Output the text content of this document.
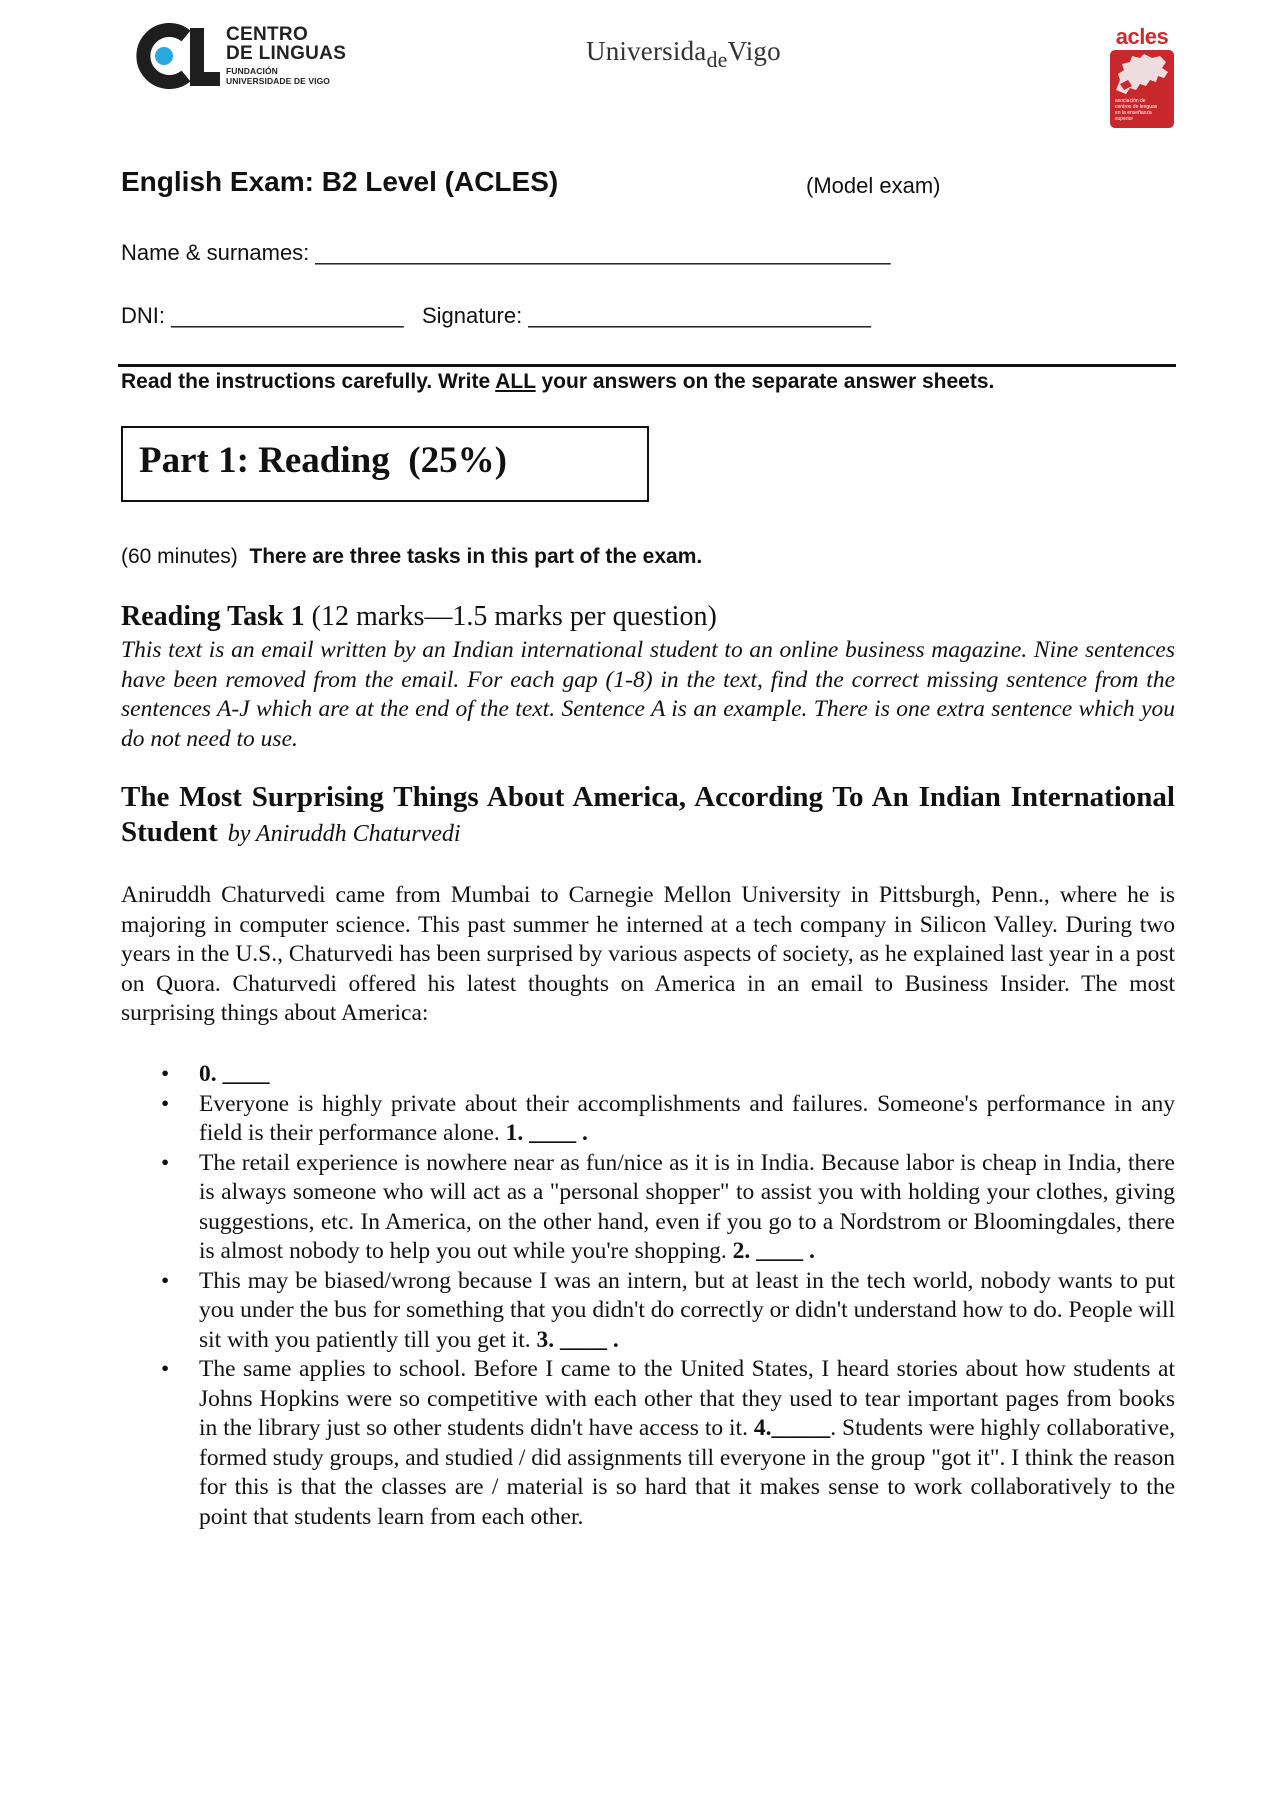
CENTRO
DE LINGUAS
FUNDACIÓN
UNIVERSIDADE DE VIGO
Universida$_{de}$Vigo	acles
asociación de
centros de lenguas
en la enseñanza
superior
English Exam: B2 Level (ACLES)	(Model exam)
Name & surnames: _______________________________________________
DNI: ___________________ Signature: ____________________________
Read the instructions carefully. Write ALL your answers on the separate answer sheets.
Part 1: Reading  (25%)
(60 minutes) There are three tasks in this part of the exam.
Reading Task 1 (12 marks—1.5 marks per question)
This text is an email written by an Indian international student to an online business magazine. Nine sentences have been removed from the email. For each gap (1-8) in the text, find the correct missing sentence from the sentences A-J which are at the end of the text. Sentence A is an example. There is one extra sentence which you do not need to use.
The Most Surprising Things About America, According To An Indian International Student by Aniruddh Chaturvedi
Aniruddh Chaturvedi came from Mumbai to Carnegie Mellon University in Pittsburgh, Penn., where he is majoring in computer science. This past summer he interned at a tech company in Silicon Valley. During two years in the U.S., Chaturvedi has been surprised by various aspects of society, as he explained last year in a post on Quora. Chaturvedi offered his latest thoughts on America in an email to Business Insider. The most surprising things about America:
• 0. ____
• Everyone is highly private about their accomplishments and failures. Someone's performance in any field is their performance alone. 1. ____ .
• The retail experience is nowhere near as fun/nice as it is in India. Because labor is cheap in India, there is always someone who will act as a "personal shopper" to assist you with holding your clothes, giving suggestions, etc. In America, on the other hand, even if you go to a Nordstrom or Bloomingdales, there is almost nobody to help you out while you're shopping. 2. ____ .
• This may be biased/wrong because I was an intern, but at least in the tech world, nobody wants to put you under the bus for something that you didn't do correctly or didn't understand how to do. People will sit with you patiently till you get it. 3. ____ .
• The same applies to school. Before I came to the United States, I heard stories about how students at Johns Hopkins were so competitive with each other that they used to tear important pages from books in the library just so other students didn't have access to it. 4._____. Students were highly collaborative, formed study groups, and studied / did assignments till everyone in the group "got it". I think the reason for this is that the classes are / material is so hard that it makes sense to work collaboratively to the point that students learn from each other.
